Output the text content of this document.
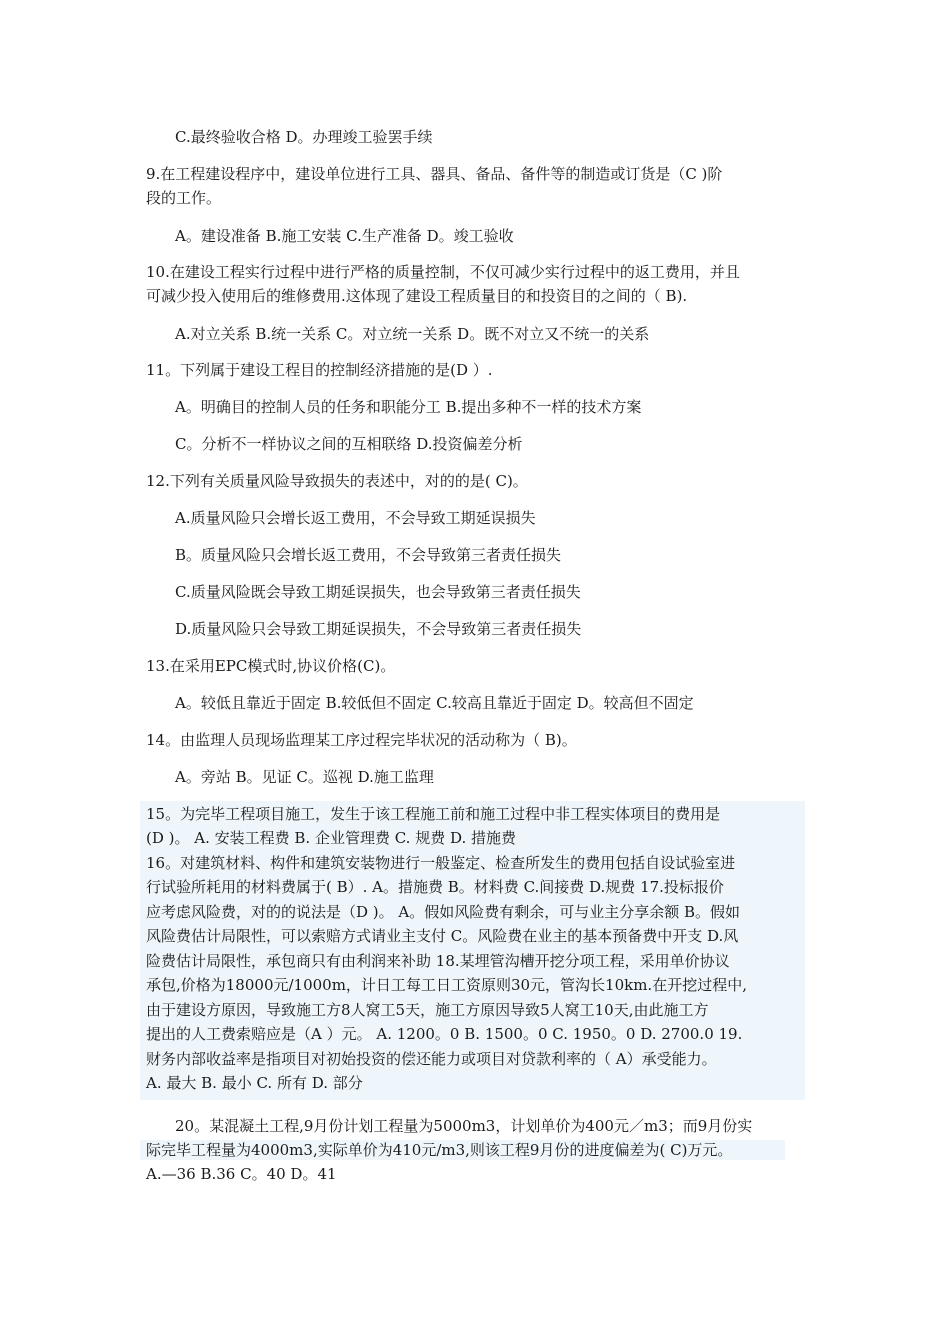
C.最终验收合格 D。办理竣工验罢手续
9.在工程建设程序中，建设单位进行工具、器具、备品、备件等的制造或订货是（C )阶
段的工作。
A。建设准备 B.施工安装 C.生产准备 D。竣工验收
10.在建设工程实行过程中进行严格的质量控制，不仅可减少实行过程中的返工费用，并且
可减少投入使用后的维修费用.这体现了建设工程质量目的和投资目的之间的（ B).
A.对立关系 B.统一关系 C。对立统一关系 D。既不对立又不统一的关系
11。下列属于建设工程目的控制经济措施的是(D ）.
A。明确目的控制人员的任务和职能分工 B.提出多种不一样的技术方案
C。分析不一样协议之间的互相联络 D.投资偏差分析
12.下列有关质量风险导致损失的表述中，对的的是( C)。
A.质量风险只会增长返工费用，不会导致工期延误损失
B。质量风险只会增长返工费用，不会导致第三者责任损失
C.质量风险既会导致工期延误损失，也会导致第三者责任损失
D.质量风险只会导致工期延误损失，不会导致第三者责任损失
13.在采用EPC模式时,协议价格(C)。
A。较低且靠近于固定 B.较低但不固定 C.较高且靠近于固定 D。较高但不固定
14。由监理人员现场监理某工序过程完毕状况的活动称为（ B)。
A。旁站 B。见证 C。巡视 D.施工监理
15。为完毕工程项目施工，发生于该工程施工前和施工过程中非工程实体项目的费用是
(D )。 A. 安装工程费 B. 企业管理费 C. 规费 D. 措施费
16。对建筑材料、构件和建筑安装物进行一般鉴定、检查所发生的费用包括自设试验室进
行试验所耗用的材料费属于( B）. A。措施费 B。材料费 C.间接费 D.规费 17.投标报价
应考虑风险费，对的的说法是（D )。 A。假如风险费有剩余，可与业主分享余额 B。假如
风险费估计局限性，可以索赔方式请业主支付 C。风险费在业主的基本预备费中开支 D.风
险费估计局限性，承包商只有由利润来补助 18.某埋管沟槽开挖分项工程，采用单价协议
承包,价格为18000元/1000m，计日工每工日工资原则30元，管沟长10km.在开挖过程中,
由于建设方原因，导致施工方8人窝工5天，施工方原因导致5人窝工10天,由此施工方
提出的人工费索赔应是（A ）元。 A. 1200。0 B. 1500。0 C. 1950。0 D. 2700.0 19.
财务内部收益率是指项目对初始投资的偿还能力或项目对贷款利率的（ A）承受能力。
A. 最大 B. 最小 C. 所有 D. 部分
20。某混凝土工程,9月份计划工程量为5000m3，计划单价为400元／m3；而9月份实
际完毕工程量为4000m3,实际单价为410元/m3,则该工程9月份的进度偏差为( C)万元。
A.—36 B.36 C。40 D。41
